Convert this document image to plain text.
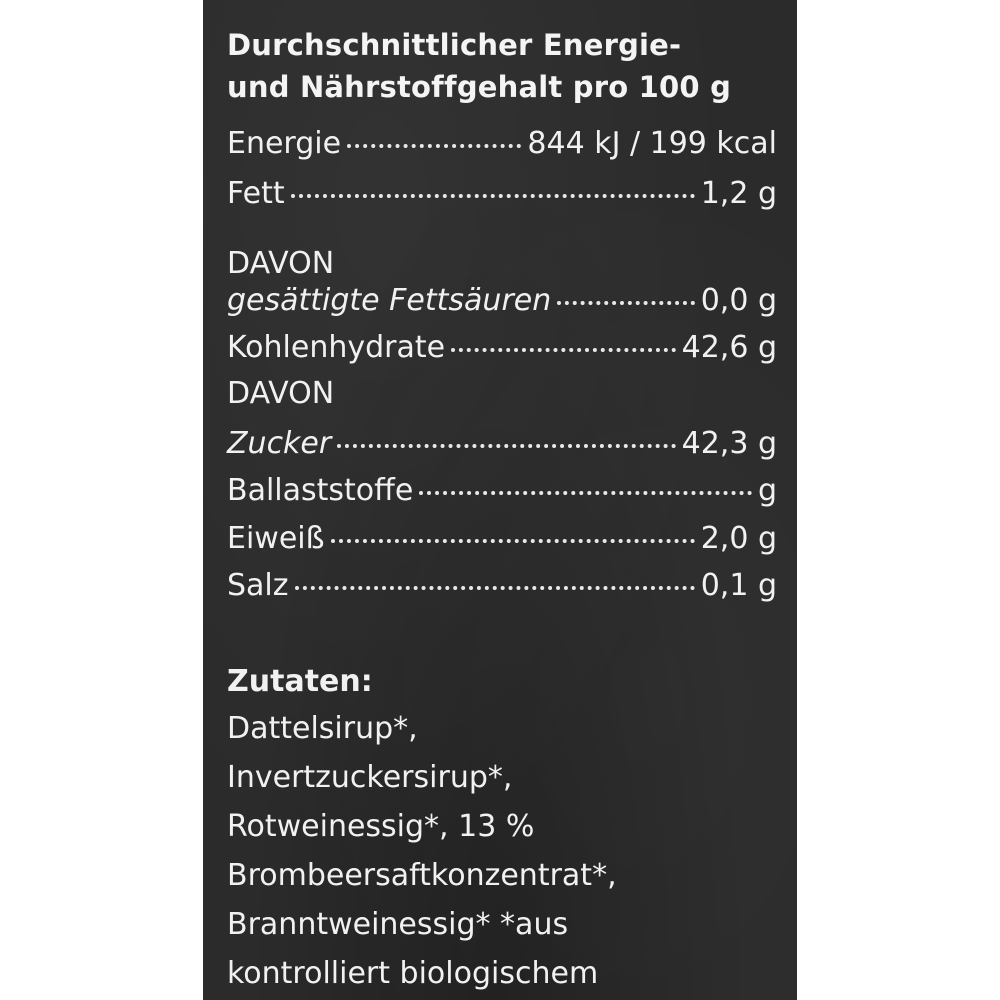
Durchschnittlicher Energie-
und Nährstoffgehalt pro 100 g
Energie	844 kJ / 199 kcal
Fett	1,2 g
DAVON
gesättigte Fettsäuren	0,0 g
Kohlenhydrate	42,6 g
DAVON
Zucker	42,3 g
Ballaststoffe	g
Eiweiß	2,0 g
Salz	0,1 g
Zutaten:
Dattelsirup*,
Invertzuckersirup*,
Rotweinessig*, 13 %
Brombeersaftkonzentrat*,
Branntweinessig* *aus
kontrolliert biologischem
